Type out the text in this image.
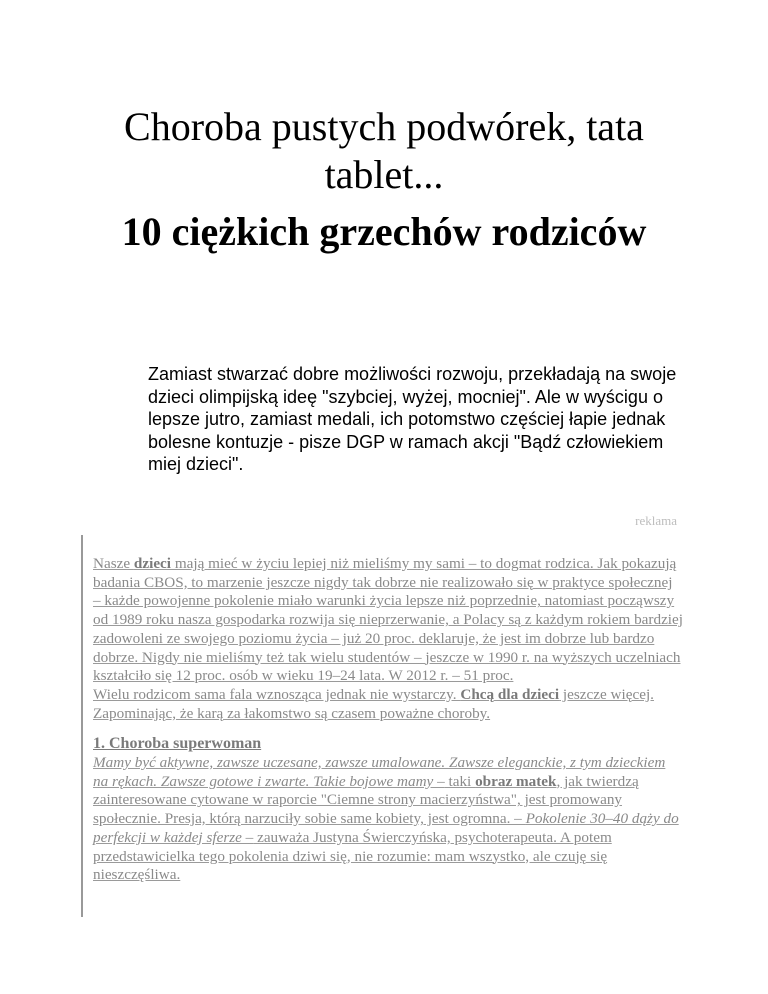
Choroba pustych podwórek, tata tablet...
10 ciężkich grzechów rodziców

Zamiast stwarzać dobre możliwości rozwoju, przekładają na swoje dzieci olimpijską ideę "szybciej, wyżej, mocniej". Ale w wyścigu o lepsze jutro, zamiast medali, ich potomstwo częściej łapie jednak bolesne kontuzje - pisze DGP w ramach akcji "Bądź człowiekiem miej dzieci".

reklama

Nasze dzieci mają mieć w życiu lepiej niż mieliśmy my sami – to dogmat rodzica. Jak pokazują badania CBOS, to marzenie jeszcze nigdy tak dobrze nie realizowało się w praktyce społecznej – każde powojenne pokolenie miało warunki życia lepsze niż poprzednie, natomiast począwszy od 1989 roku nasza gospodarka rozwija się nieprzerwanie, a Polacy są z każdym rokiem bardziej zadowoleni ze swojego poziomu życia – już 20 proc. deklaruje, że jest im dobrze lub bardzo dobrze. Nigdy nie mieliśmy też tak wielu studentów – jeszcze w 1990 r. na wyższych uczelniach kształciło się 12 proc. osób w wieku 19–24 lata. W 2012 r. – 51 proc.

Wielu rodzicom sama fala wznosząca jednak nie wystarczy. Chcą dla dzieci jeszcze więcej. Zapominając, że karą za łakomstwo są czasem poważne choroby.

1. Choroba superwoman

Mamy być aktywne, zawsze uczesane, zawsze umalowane. Zawsze eleganckie, z tym dzieckiem na rękach. Zawsze gotowe i zwarte. Takie bojowe mamy – taki obraz matek, jak twierdzą zainteresowane cytowane w raporcie "Ciemne strony macierzyństwa", jest promowany społecznie. Presja, którą narzuciły sobie same kobiety, jest ogromna. – Pokolenie 30–40 dąży do perfekcji w każdej sferze – zauważa Justyna Świerczyńska, psychoterapeuta. A potem przedstawicielka tego pokolenia dziwi się, nie rozumie: mam wszystko, ale czuję się nieszczęśliwa.
